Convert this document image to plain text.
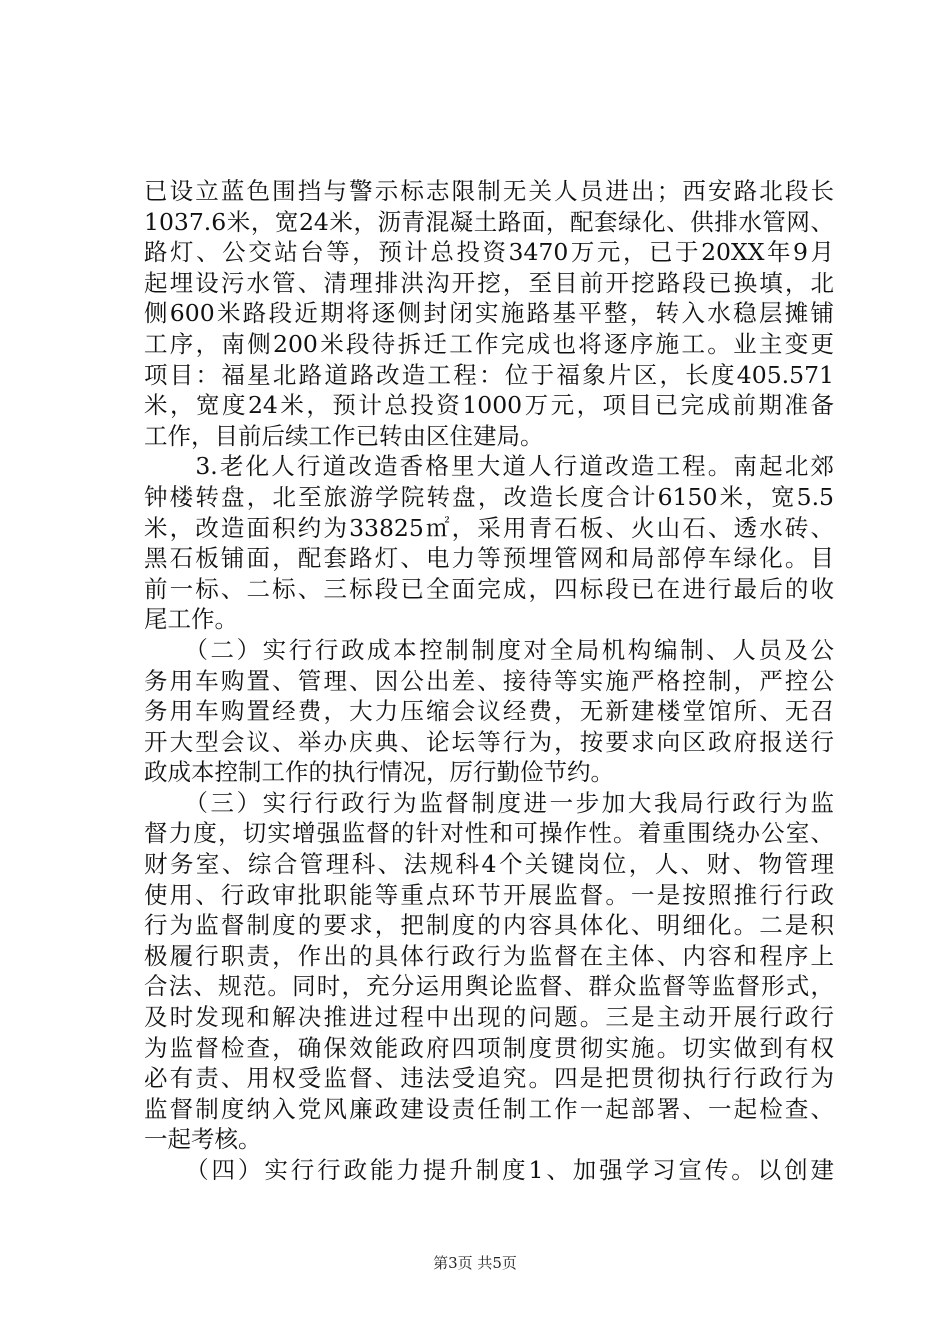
已设立蓝色围挡与警示标志限制无关人员进出；西安路北段长
1037.6米，宽24米，沥青混凝土路面，配套绿化、供排水管网、
路灯、公交站台等，预计总投资3470万元，已于20XX年9月
起埋设污水管、清理排洪沟开挖，至目前开挖路段已换填，北
侧600米路段近期将逐侧封闭实施路基平整，转入水稳层摊铺
工序，南侧200米段待拆迁工作完成也将逐序施工。业主变更
项目：福星北路道路改造工程：位于福象片区，长度405.571
米，宽度24米，预计总投资1000万元，项目已完成前期准备
工作，目前后续工作已转由区住建局。
　　3.老化人行道改造香格里大道人行道改造工程。南起北郊
钟楼转盘，北至旅游学院转盘，改造长度合计6150米，宽5.5
米，改造面积约为33825㎡，采用青石板、火山石、透水砖、
黑石板铺面，配套路灯、电力等预埋管网和局部停车绿化。目
前一标、二标、三标段已全面完成，四标段已在进行最后的收
尾工作。
　　（二）实行行政成本控制制度对全局机构编制、人员及公
务用车购置、管理、因公出差、接待等实施严格控制，严控公
务用车购置经费，大力压缩会议经费，无新建楼堂馆所、无召
开大型会议、举办庆典、论坛等行为，按要求向区政府报送行
政成本控制工作的执行情况，厉行勤俭节约。
　　（三）实行行政行为监督制度进一步加大我局行政行为监
督力度，切实增强监督的针对性和可操作性。着重围绕办公室、
财务室、综合管理科、法规科4个关键岗位，人、财、物管理
使用、行政审批职能等重点环节开展监督。一是按照推行行政
行为监督制度的要求，把制度的内容具体化、明细化。二是积
极履行职责，作出的具体行政行为监督在主体、内容和程序上
合法、规范。同时，充分运用舆论监督、群众监督等监督形式，
及时发现和解决推进过程中出现的问题。三是主动开展行政行
为监督检查，确保效能政府四项制度贯彻实施。切实做到有权
必有责、用权受监督、违法受追究。四是把贯彻执行行政行为
监督制度纳入党风廉政建设责任制工作一起部署、一起检查、
一起考核。
　　（四）实行行政能力提升制度1、加强学习宣传。以创建
第3页 共5页
